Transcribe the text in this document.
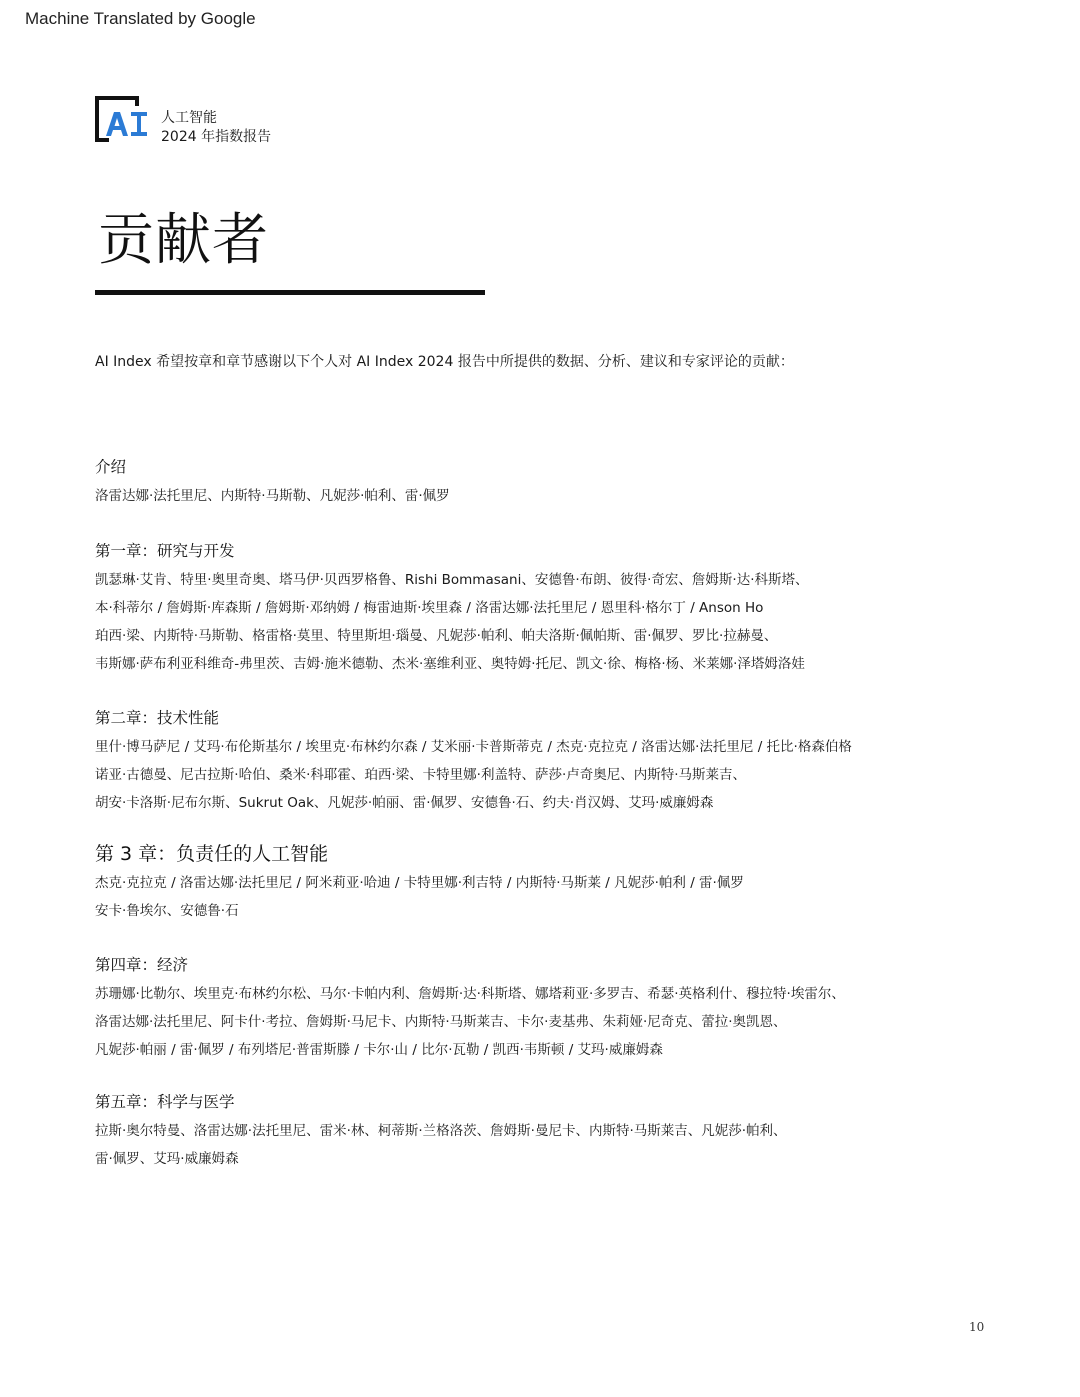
Machine Translated by Google
人工智能
2024 年指数报告
贡献者
AI Index 希望按章和章节感谢以下个人对 AI Index 2024 报告中所提供的数据、分析、建议和专家评论的贡献：
介绍
洛雷达娜·法托里尼、内斯特·马斯勒、凡妮莎·帕利、雷·佩罗
第一章：研究与开发
凯瑟琳·艾肯、特里·奥里奇奥、塔马伊·贝西罗格鲁、Rishi Bommasani、安德鲁·布朗、彼得·奇宏、詹姆斯·达·科斯塔、
本·科蒂尔 / 詹姆斯·库森斯 / 詹姆斯·邓纳姆 / 梅雷迪斯·埃里森 / 洛雷达娜·法托里尼 / 恩里科·格尔丁 / Anson Ho
珀西·梁、内斯特·马斯勒、格雷格·莫里、特里斯坦·瑙曼、凡妮莎·帕利、帕夫洛斯·佩帕斯、雷·佩罗、罗比·拉赫曼、
韦斯娜·萨布利亚科维奇-弗里茨、吉姆·施米德勒、杰米·塞维利亚、奥特姆·托尼、凯文·徐、梅格·杨、米莱娜·泽塔姆洛娃
第二章：技术性能
里什·博马萨尼 / 艾玛·布伦斯基尔 / 埃里克·布林约尔森 / 艾米丽·卡普斯蒂克 / 杰克·克拉克 / 洛雷达娜·法托里尼 / 托比·格森伯格
诺亚·古德曼、尼古拉斯·哈伯、桑米·科耶霍、珀西·梁、卡特里娜·利盖特、萨莎·卢奇奥尼、内斯特·马斯莱吉、
胡安·卡洛斯·尼布尔斯、Sukrut Oak、凡妮莎·帕丽、雷·佩罗、安德鲁·石、约夫·肖汉姆、艾玛·威廉姆森
第 3 章：负责任的人工智能
杰克·克拉克 / 洛雷达娜·法托里尼 / 阿米莉亚·哈迪 / 卡特里娜·利吉特 / 内斯特·马斯莱 / 凡妮莎·帕利 / 雷·佩罗
安卡·鲁埃尔、安德鲁·石
第四章：经济
苏珊娜·比勒尔、埃里克·布林约尔松、马尔·卡帕内利、詹姆斯·达·科斯塔、娜塔莉亚·多罗吉、希瑟·英格利什、穆拉特·埃雷尔、
洛雷达娜·法托里尼、阿卡什·考拉、詹姆斯·马尼卡、内斯特·马斯莱吉、卡尔·麦基弗、朱莉娅·尼奇克、蕾拉·奥凯恩、
凡妮莎·帕丽 / 雷·佩罗 / 布列塔尼·普雷斯滕 / 卡尔·山 / 比尔·瓦勒 / 凯西·韦斯顿 / 艾玛·威廉姆森
第五章：科学与医学
拉斯·奥尔特曼、洛雷达娜·法托里尼、雷米·林、柯蒂斯·兰格洛茨、詹姆斯·曼尼卡、内斯特·马斯莱吉、凡妮莎·帕利、
雷·佩罗、艾玛·威廉姆森
10
